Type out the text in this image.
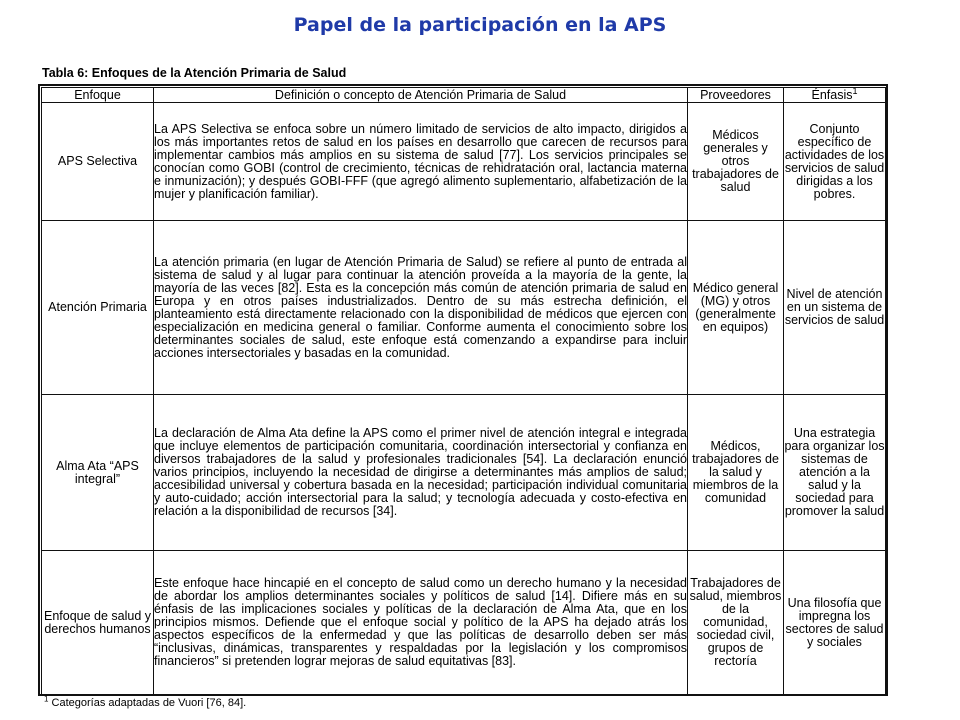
Papel de la participación en la APS
Tabla 6: Enfoques de la Atención Primaria de Salud
Enfoque	Definición o concepto de Atención Primaria de Salud	Proveedores	Énfasis$^1$
APS Selectiva	La APS Selectiva se enfoca sobre un número limitado de servicios de alto impacto, dirigidos a los más importantes retos de salud en los países en desarrollo que carecen de recursos para implementar cambios más amplios en su sistema de salud [77]. Los servicios principales se conocían como GOBI (control de crecimiento, técnicas de rehidratación oral, lactancia materna e inmunización); y después GOBI-FFF (que agregó alimento suplementario, alfabetización de la mujer y planificación familiar).	Médicos generales y otros trabajadores de salud	Conjunto específico de actividades de los servicios de salud dirigidas a los pobres.
Atención Primaria	La atención primaria (en lugar de Atención Primaria de Salud) se refiere al punto de entrada al sistema de salud y al lugar para continuar la atención proveída a la mayoría de la gente, la mayoría de las veces [82]. Esta es la concepción más común de atención primaria de salud en Europa y en otros países industrializados. Dentro de su más estrecha definición, el planteamiento está directamente relacionado con la disponibilidad de médicos que ejercen con especialización en medicina general o familiar. Conforme aumenta el conocimiento sobre los determinantes sociales de salud, este enfoque está comenzando a expandirse para incluir acciones intersectoriales y basadas en la comunidad.	Médico general (MG) y otros (generalmente en equipos)	Nivel de atención en un sistema de servicios de salud
Alma Ata “APS integral”	La declaración de Alma Ata define la APS como el primer nivel de atención integral e integrada que incluye elementos de participación comunitaria, coordinación intersectorial y confianza en diversos trabajadores de la salud y profesionales tradicionales [54]. La declaración enunció varios principios, incluyendo la necesidad de dirigirse a determinantes más amplios de salud; accesibilidad universal y cobertura basada en la necesidad; participación individual comunitaria y auto-cuidado; acción intersectorial para la salud; y tecnología adecuada y costo-efectiva en relación a la disponibilidad de recursos [34].	Médicos, trabajadores de la salud y miembros de la comunidad	Una estrategia para organizar los sistemas de atención a la salud y la sociedad para promover la salud
Enfoque de salud y derechos humanos	Este enfoque hace hincapié en el concepto de salud como un derecho humano y la necesidad de abordar los amplios determinantes sociales y políticos de salud [14]. Difiere más en su énfasis de las implicaciones sociales y políticas de la declaración de Alma Ata, que en los principios mismos. Defiende que el enfoque social y político de la APS ha dejado atrás los aspectos específicos de la enfermedad y que las políticas de desarrollo deben ser más “inclusivas, dinámicas, transparentes y respaldadas por la legislación y los compromisos financieros” si pretenden lograr mejoras de salud equitativas [83].	Trabajadores de salud, miembros de la comunidad, sociedad civil, grupos de rectoría	Una filosofía que impregna los sectores de salud y sociales
$^1$ Categorías adaptadas de Vuori [76, 84].
